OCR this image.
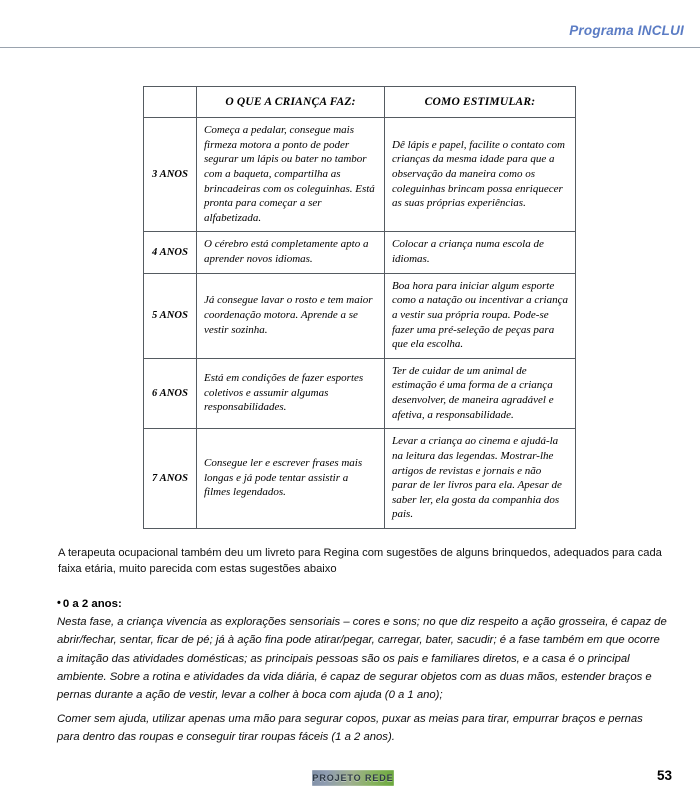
Programa INCLUI
	O QUE A CRIANÇA FAZ:	COMO ESTIMULAR:
3 ANOS	Começa a pedalar, consegue mais firmeza motora a ponto de poder segurar um lápis ou bater no tambor com a baqueta, compartilha as brincadeiras com os coleguinhas. Está pronta para começar a ser alfabetizada.	Dê lápis e papel, facilite o contato com crianças da mesma idade para que a observação da maneira como os coleguinhas brincam possa enriquecer as suas próprias experiências.
4 ANOS	O cérebro está completamente apto a aprender novos idiomas.	Colocar a criança numa escola de idiomas.
5 ANOS	Já consegue lavar o rosto e tem maior coordenação motora. Aprende a se vestir sozinha.	Boa hora para iniciar algum esporte como a natação ou incentivar a criança a vestir sua própria roupa. Pode-se fazer uma pré-seleção de peças para que ela escolha.
6 ANOS	Está em condições de fazer esportes coletivos e assumir algumas responsabilidades.	Ter de cuidar de um animal de estimação é uma forma de a criança desenvolver, de maneira agradável e afetiva, a responsabilidade.
7 ANOS	Consegue ler e escrever frases mais longas e já pode tentar assistir a filmes legendados.	Levar a criança ao cinema e ajudá-la na leitura das legendas. Mostrar-lhe artigos de revistas e jornais e não parar de ler livros para ela. Apesar de saber ler, ela gosta da companhia dos pais.
A terapeuta ocupacional também deu um livreto para Regina com sugestões de alguns brinquedos, adequados para cada faixa etária, muito parecida com estas sugestões abaixo
• 0 a 2 anos:
Nesta fase, a criança vivencia as explorações sensoriais – cores e sons; no que diz respeito a ação grosseira, é capaz de abrir/fechar, sentar, ficar de pé; já à ação fina pode atirar/pegar, carregar, bater, sacudir; é a fase também em que ocorre a imitação das atividades domésticas; as principais pessoas são os pais e familiares diretos, e a casa é o principal ambiente. Sobre a rotina e atividades da vida diária, é capaz de segurar objetos com as duas mãos, estender braços e pernas durante a ação de vestir, levar a colher à boca com ajuda (0 a 1 ano);
Comer sem ajuda, utilizar apenas uma mão para segurar copos, puxar as meias para tirar, empurrar braços e pernas para dentro das roupas e conseguir tirar roupas fáceis (1 a 2 anos).
PROJETO REDE	53
